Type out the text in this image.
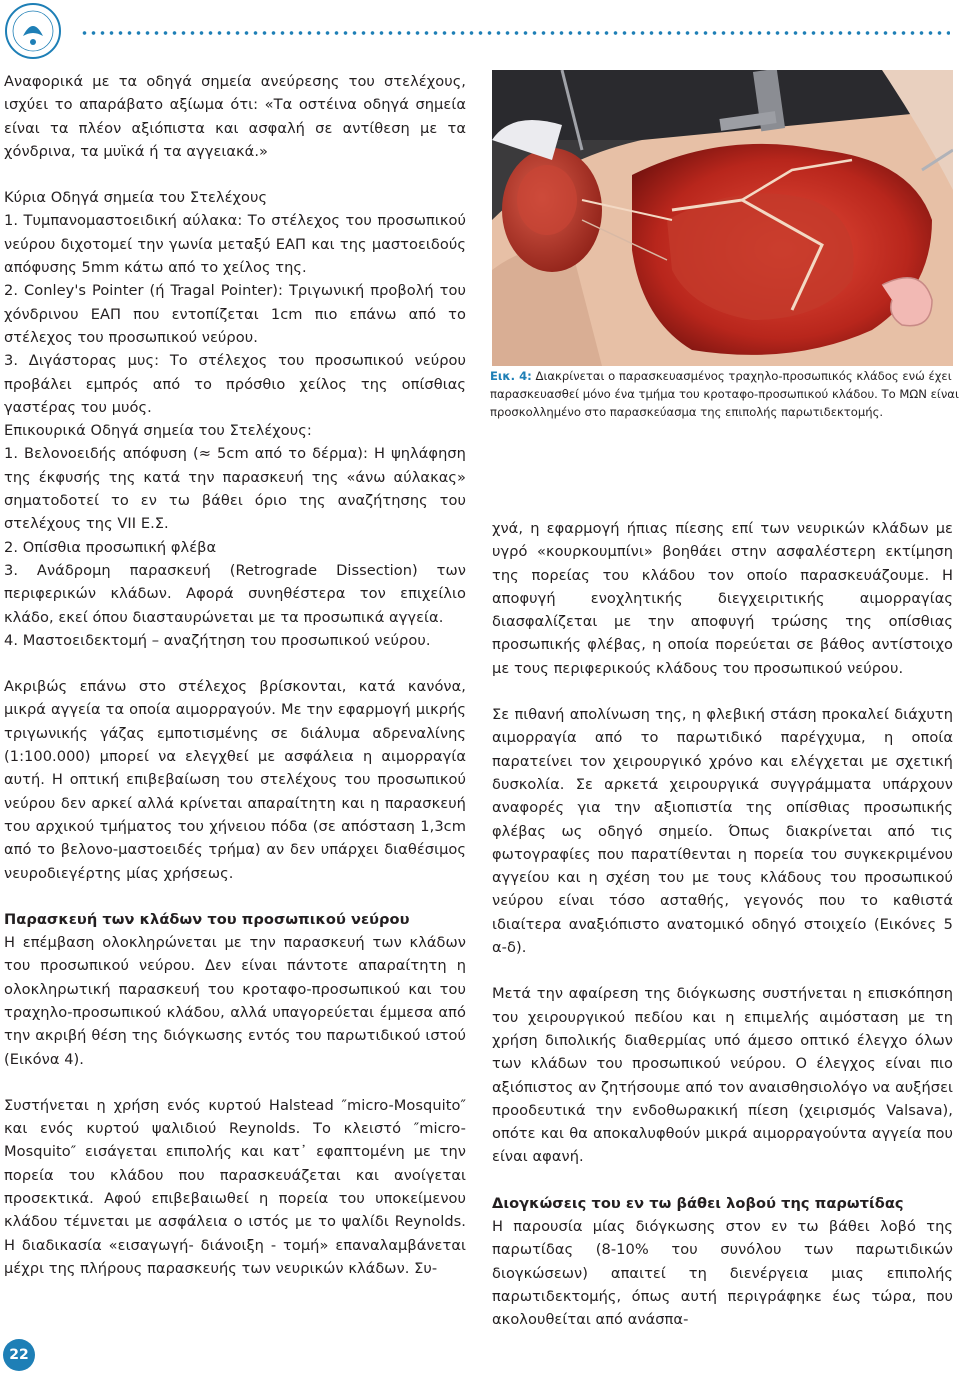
Αναφορικά με τα οδηγά σημεία ανεύρεσης του στελέχους, ισχύει το απαράβατο αξίωμα ότι: «Τα οστέινα οδηγά σημεία είναι τα πλέον αξιόπιστα και ασφαλή σε αντίθεση με τα χόνδρινα, τα μυϊκά ή τα αγγειακά.»

Κύρια Οδηγά σημεία του Στελέχους

1. Τυμπανομαστοειδική αύλακα: Το στέλεχος του προσωπικού νεύρου διχοτομεί την γωνία μεταξύ ΕΑΠ και της μαστοειδούς απόφυσης 5mm κάτω από το χείλος της.

2. Conley's Pointer (ή Tragal Pointer): Τριγωνική προβολή του χόνδρινου ΕΑΠ που εντοπίζεται 1cm πιο επάνω από το στέλεχος του προσωπικού νεύρου.

3. Διγάστορας μυς: Το στέλεχος του προσωπικού νεύρου προβάλει εμπρός από το πρόσθιο χείλος της οπίσθιας γαστέρας του μυός.

Επικουρικά Οδηγά σημεία του Στελέχους:

1. Βελονοειδής απόφυση (≈ 5cm από το δέρμα): Η ψηλάφηση της έκφυσής της κατά την παρασκευή της «άνω αύλακας» σηματοδοτεί το εν τω βάθει όριο της αναζήτησης του στελέχους της VII Ε.Σ.

2. Οπίσθια προσωπική φλέβα

3. Ανάδρομη παρασκευή (Retrograde Dissection) των περιφερικών κλάδων. Αφορά συνηθέστερα τον επιχείλιο κλάδο, εκεί όπου διασταυρώνεται με τα προσωπικά αγγεία.

4. Μαστοειδεκτομή – αναζήτηση του προσωπικού νεύρου.

Ακριβώς επάνω στο στέλεχος βρίσκονται, κατά κανόνα, μικρά αγγεία τα οποία αιμορραγούν. Με την εφαρμογή μικρής τριγωνικής γάζας εμποτισμένης σε διάλυμα αδρεναλίνης (1:100.000) μπορεί να ελεγχθεί με ασφάλεια η αιμορραγία αυτή. Η οπτική επιβεβαίωση του στελέχους του προσωπικού νεύρου δεν αρκεί αλλά κρίνεται απαραίτητη και η παρασκευή του αρχικού τμήματος του χήνειου πόδα (σε απόσταση 1,3cm από το βελονο-μαστοειδές τρήμα) αν δεν υπάρχει διαθέσιμος νευροδιεγέρτης μίας χρήσεως.

Παρασκευή των κλάδων του προσωπικού νεύρου

Η επέμβαση ολοκληρώνεται με την παρασκευή των κλάδων του προσωπικού νεύρου. Δεν είναι πάντοτε απαραίτητη η ολοκληρωτική παρασκευή του κροταφο-προσωπικού και του τραχηλο-προσωπικού κλάδου, αλλά υπαγορεύεται έμμεσα από την ακριβή θέση της διόγκωσης εντός του παρωτιδικού ιστού (Εικόνα 4).

Συστήνεται η χρήση ενός κυρτού Halstead ″micro-Mosquito″ και ενός κυρτού ψαλιδιού Reynolds. Το κλειστό ″micro-Mosquito″ εισάγεται επιπολής και κατ᾽ εφαπτομένη με την πορεία του κλάδου που παρασκευάζεται και ανοίγεται προσεκτικά. Αφού επιβεβαιωθεί η πορεία του υποκείμενου κλάδου τέμνεται με ασφάλεια ο ιστός με το ψαλίδι Reynolds. Η διαδικασία «εισαγωγή- διάνοιξη - τομή» επαναλαμβάνεται μέχρι της πλήρους παρασκευής των νευρικών κλάδων. Συ-

Εικ. 4: Διακρίνεται ο παρασκευασμένος τραχηλο-προσωπικός κλάδος ενώ έχει παρασκευασθεί μόνο ένα τμήμα του κροταφο-προσωπικού κλάδου. Το ΜΩΝ είναι προσκολλημένο στο παρασκεύασμα της επιπολής παρωτιδεκτομής.

χνά, η εφαρμογή ήπιας πίεσης επί των νευρικών κλάδων με υγρό «κουρκουμπίνι» βοηθάει στην ασφαλέστερη εκτίμηση της πορείας του κλάδου τον οποίο παρασκευάζουμε. Η αποφυγή ενοχλητικής διεγχειριτικής αιμορραγίας διασφαλίζεται με την αποφυγή τρώσης της οπίσθιας προσωπικής φλέβας, η οποία πορεύεται σε βάθος αντίστοιχο με τους περιφερικούς κλάδους του προσωπικού νεύρου.

Σε πιθανή απολίνωση της, η φλεβική στάση προκαλεί διάχυτη αιμορραγία από το παρωτιδικό παρέγχυμα, η οποία παρατείνει τον χειρουργικό χρόνο και ελέγχεται με σχετική δυσκολία. Σε αρκετά χειρουργικά συγγράμματα υπάρχουν αναφορές για την αξιοπιστία της οπίσθιας προσωπικής φλέβας ως οδηγό σημείο. Όπως διακρίνεται από τις φωτογραφίες που παρατίθενται η πορεία του συγκεκριμένου αγγείου και η σχέση του με τους κλάδους του προσωπικού νεύρου είναι τόσο ασταθής, γεγονός που το καθιστά ιδιαίτερα αναξιόπιστο ανατομικό οδηγό στοιχείο (Εικόνες 5 α-δ).

Μετά την αφαίρεση της διόγκωσης συστήνεται η επισκόπηση του χειρουργικού πεδίου και η επιμελής αιμόσταση με τη χρήση διπολικής διαθερμίας υπό άμεσο οπτικό έλεγχο όλων των κλάδων του προσωπικού νεύρου. Ο έλεγχος είναι πιο αξιόπιστος αν ζητήσουμε από τον αναισθησιολόγο να αυξήσει προοδευτικά την ενδοθωρακική πίεση (χειρισμός Valsava), οπότε και θα αποκαλυφθούν μικρά αιμορραγούντα αγγεία που είναι αφανή.

Διογκώσεις του εν τω βάθει λοβού της παρωτίδας

Η παρουσία μίας διόγκωσης στον εν τω βάθει λοβό της παρωτίδας (8-10% του συνόλου των παρωτιδικών διογκώσεων) απαιτεί τη διενέργεια μιας επιπολής παρωτιδεκτομής, όπως αυτή περιγράφηκε έως τώρα, που ακολουθείται από ανάσπα-

22
